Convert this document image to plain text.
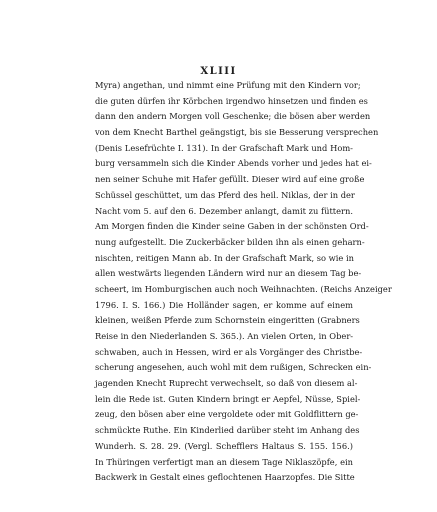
XLIII
Myra) angethan, und nimmt eine Prüfung mit den Kindern vor;
die guten dürfen ihr Körbchen irgendwo hinsetzen und finden es
dann den andern Morgen voll Geschenke; die bösen aber werden
von dem Knecht Barthel geängstigt, bis sie Besserung versprechen
(Denis Lesefrüchte I. 131). In der Grafschaft Mark und Hom-
burg versammeln sich die Kinder Abends vorher und jedes hat ei-
nen seiner Schuhe mit Hafer gefüllt. Dieser wird auf eine große
Schüssel geschüttet, um das Pferd des heil. Niklas, der in der
Nacht vom 5. auf den 6. Dezember anlangt, damit zu füttern.
Am Morgen finden die Kinder seine Gaben in der schönsten Ord-
nung aufgestellt. Die Zuckerbäcker bilden ihn als einen geharn-
nischten, reitigen Mann ab. In der Grafschaft Mark, so wie in
allen westwärts liegenden Ländern wird nur an diesem Tag be-
scheert, im Homburgischen auch noch Weihnachten. (Reichs Anzeiger
1796. I. S. 166.) Die Holländer sagen, er komme auf einem
kleinen, weißen Pferde zum Schornstein eingeritten (Grabners
Reise in den Niederlanden S. 365.). An vielen Orten, in Ober-
schwaben, auch in Hessen, wird er als Vorgänger des Christbe-
scherung angesehen, auch wohl mit dem rußigen, Schrecken ein-
jagenden Knecht Ruprecht verwechselt, so daß von diesem al-
lein die Rede ist. Guten Kindern bringt er Aepfel, Nüsse, Spiel-
zeug, den bösen aber eine vergoldete oder mit Goldflittern ge-
schmückte Ruthe. Ein Kinderlied darüber steht im Anhang des
Wunderh. S. 28. 29. (Vergl. Schefflers Haltaus S. 155. 156.)
In Thüringen verfertigt man an diesem Tage Niklaszöpfe, ein
Backwerk in Gestalt eines geflochtenen Haarzopfes. Die Sitte
